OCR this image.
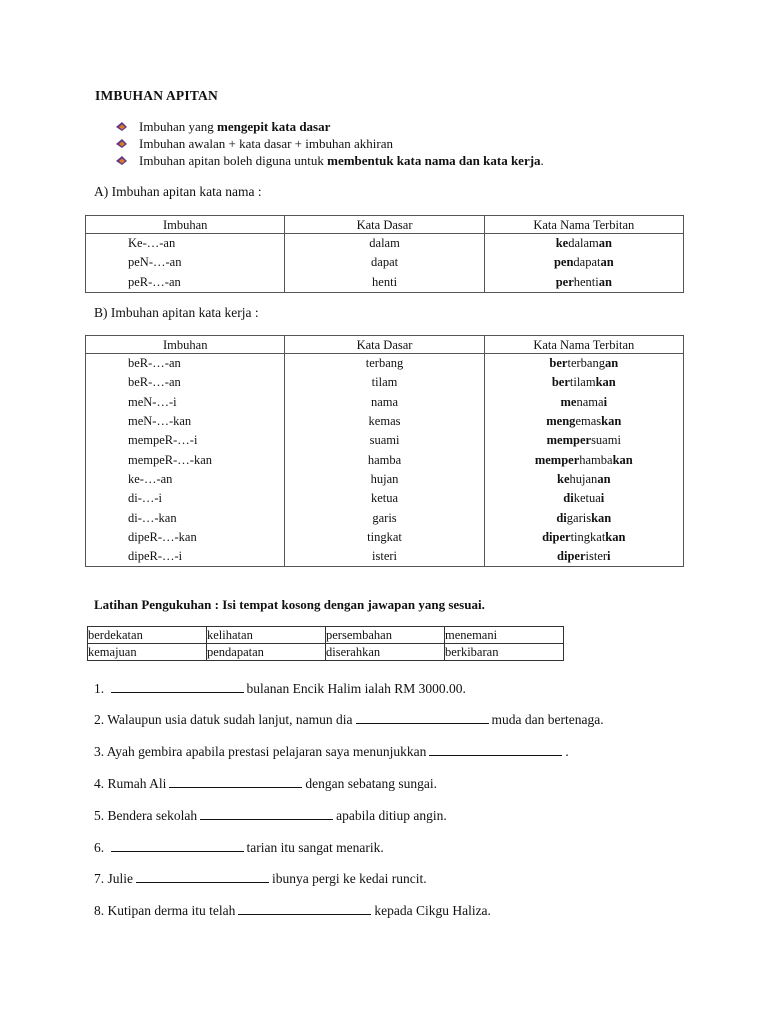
IMBUHAN APITAN
Imbuhan yang mengepit kata dasar
Imbuhan awalan + kata dasar + imbuhan akhiran
Imbuhan apitan boleh diguna untuk membentuk kata nama dan kata kerja.
A) Imbuhan apitan kata nama :
Imbuhan	Kata Dasar	Kata Nama Terbitan
Ke-…-an	dalam	kedalaman
peN-…-an	dapat	pendapatan
peR-…-an	henti	perhentian
B) Imbuhan apitan kata kerja :
Imbuhan	Kata Dasar	Kata Nama Terbitan
beR-…-an	terbang	berterbangan
beR-…-an	tilam	bertilamkan
meN-…-i	nama	menamai
meN-…-kan	kemas	mengemaskan
mempeR-…-i	suami	mempersuami
mempeR-…-kan	hamba	memperhambakan
ke-…-an	hujan	kehujanan
di-…-i	ketua	diketuai
di-…-kan	garis	digariskan
dipeR-…-kan	tingkat	dipertingkatkan
dipeR-…-i	isteri	diperisteri
Latihan Pengukuhan : Isi tempat kosong dengan jawapan yang sesuai.
berdekatan	kelihatan	persembahan	menemani
kemajuan	pendapatan	diserahkan	berkibaran
1.	bulanan Encik Halim ialah RM 3000.00.
2. Walaupun usia datuk sudah lanjut, namun dia	muda dan bertenaga.
3. Ayah gembira apabila prestasi pelajaran saya menunjukkan	.
4. Rumah Ali	dengan sebatang sungai.
5. Bendera sekolah	apabila ditiup angin.
6.	tarian itu sangat menarik.
7. Julie	ibunya pergi ke kedai runcit.
8. Kutipan derma itu telah	kepada Cikgu Haliza.
